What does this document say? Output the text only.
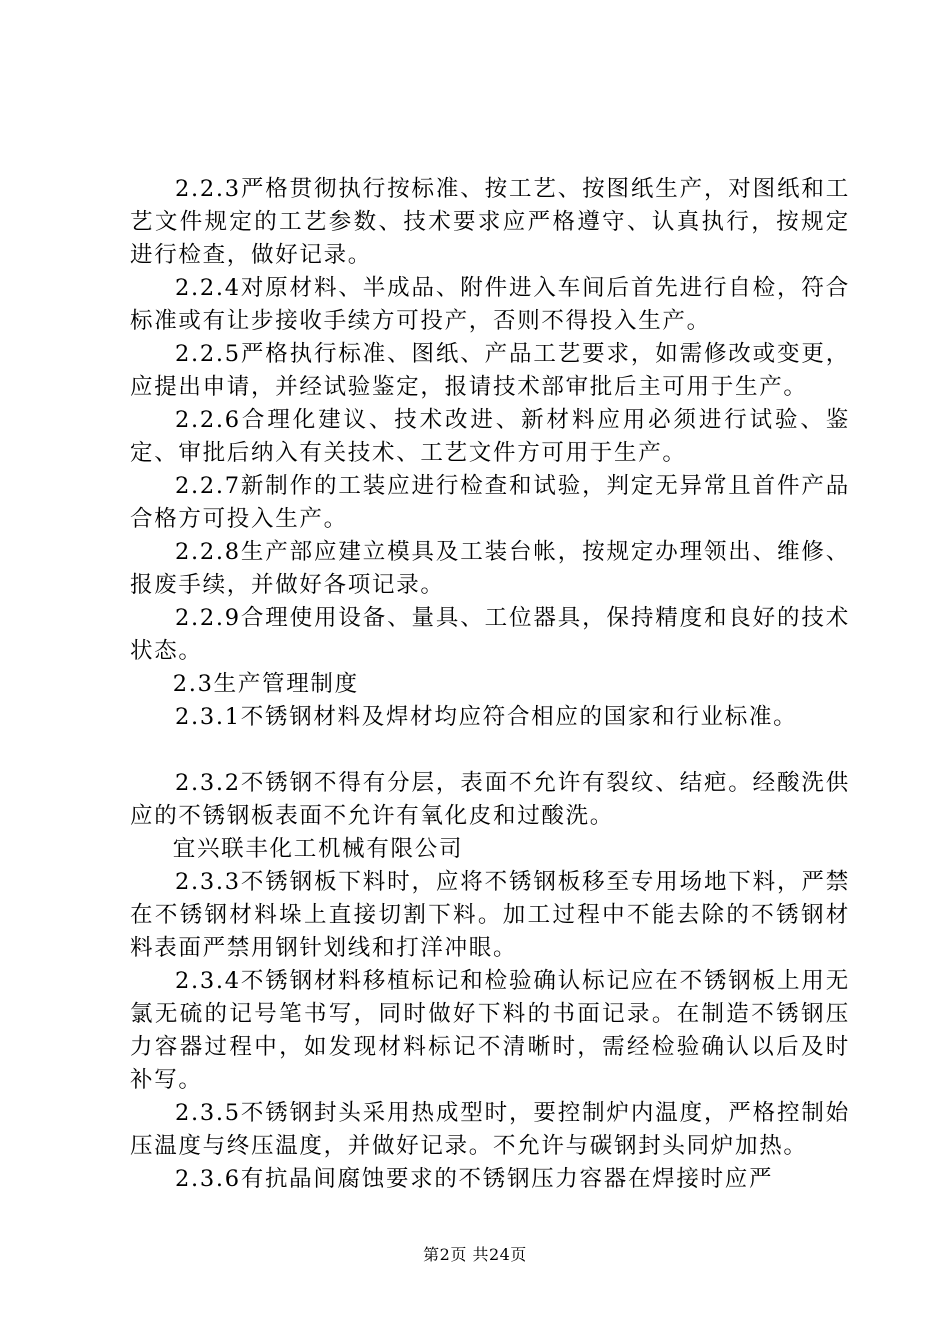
2.2.3严格贯彻执行按标准、按工艺、按图纸生产，对图纸和工艺文件规定的工艺参数、技术要求应严格遵守、认真执行，按规定进行检查，做好记录。

2.2.4对原材料、半成品、附件进入车间后首先进行自检，符合标准或有让步接收手续方可投产，否则不得投入生产。

2.2.5严格执行标准、图纸、产品工艺要求，如需修改或变更，应提出申请，并经试验鉴定，报请技术部审批后主可用于生产。

2.2.6合理化建议、技术改进、新材料应用必须进行试验、鉴定、审批后纳入有关技术、工艺文件方可用于生产。

2.2.7新制作的工装应进行检查和试验，判定无异常且首件产品合格方可投入生产。

2.2.8生产部应建立模具及工装台帐，按规定办理领出、维修、报废手续，并做好各项记录。

2.2.9合理使用设备、量具、工位器具，保持精度和良好的技术状态。

2.3生产管理制度

2.3.1不锈钢材料及焊材均应符合相应的国家和行业标准。

2.3.2不锈钢不得有分层，表面不允许有裂纹、结疤。经酸洗供应的不锈钢板表面不允许有氧化皮和过酸洗。

宜兴联丰化工机械有限公司

2.3.3不锈钢板下料时，应将不锈钢板移至专用场地下料，严禁在不锈钢材料垛上直接切割下料。加工过程中不能去除的不锈钢材料表面严禁用钢针划线和打洋冲眼。

2.3.4不锈钢材料移植标记和检验确认标记应在不锈钢板上用无氯无硫的记号笔书写，同时做好下料的书面记录。在制造不锈钢压力容器过程中，如发现材料标记不清晰时，需经检验确认以后及时补写。

2.3.5不锈钢封头采用热成型时，要控制炉内温度，严格控制始压温度与终压温度，并做好记录。不允许与碳钢封头同炉加热。

2.3.6有抗晶间腐蚀要求的不锈钢压力容器在焊接时应严

第2页 共24页
